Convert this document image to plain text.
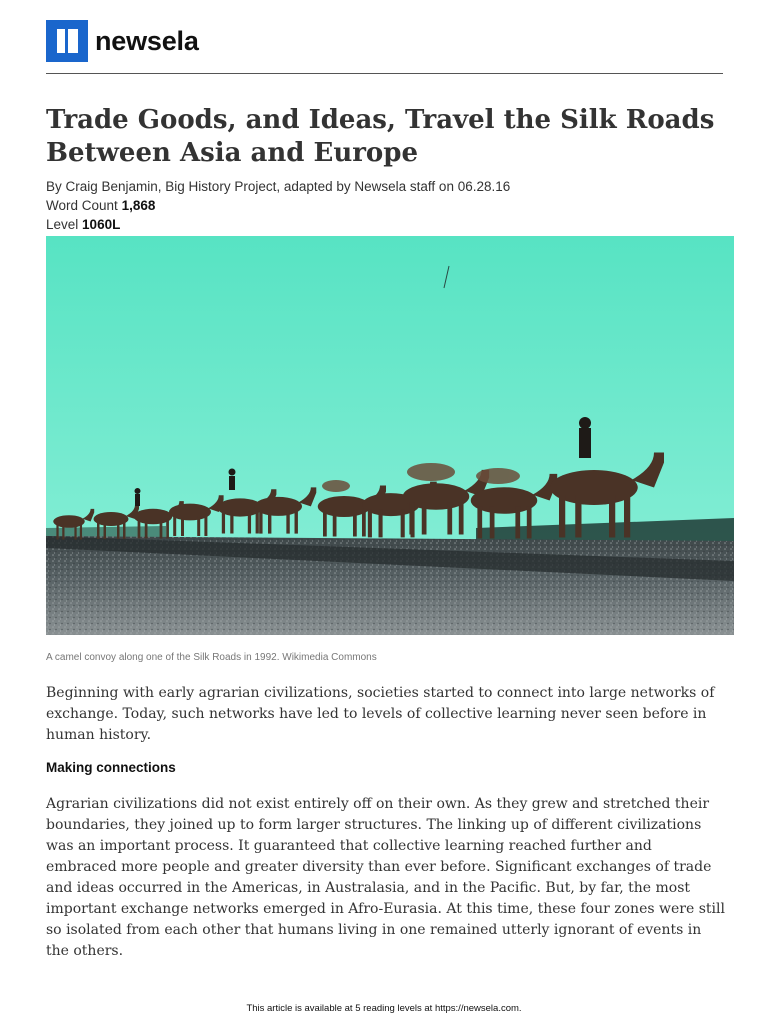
newsela
Trade Goods, and Ideas, Travel the Silk Roads Between Asia and Europe
By Craig Benjamin, Big History Project, adapted by Newsela staff on 06.28.16
Word Count 1,868
Level 1060L
A camel convoy along one of the Silk Roads in 1992. Wikimedia Commons

Beginning with early agrarian civilizations, societies started to connect into large networks of exchange. Today, such networks have led to levels of collective learning never seen before in human history.

Making connections

Agrarian civilizations did not exist entirely off on their own. As they grew and stretched their boundaries, they joined up to form larger structures. The linking up of different civilizations was an important process. It guaranteed that collective learning reached further and embraced more people and greater diversity than ever before. Significant exchanges of trade and ideas occurred in the Americas, in Australasia, and in the Pacific. But, by far, the most important exchange networks emerged in Afro-Eurasia. At this time, these four zones were still so isolated from each other that humans living in one remained utterly ignorant of events in the others.

This article is available at 5 reading levels at https://newsela.com.
